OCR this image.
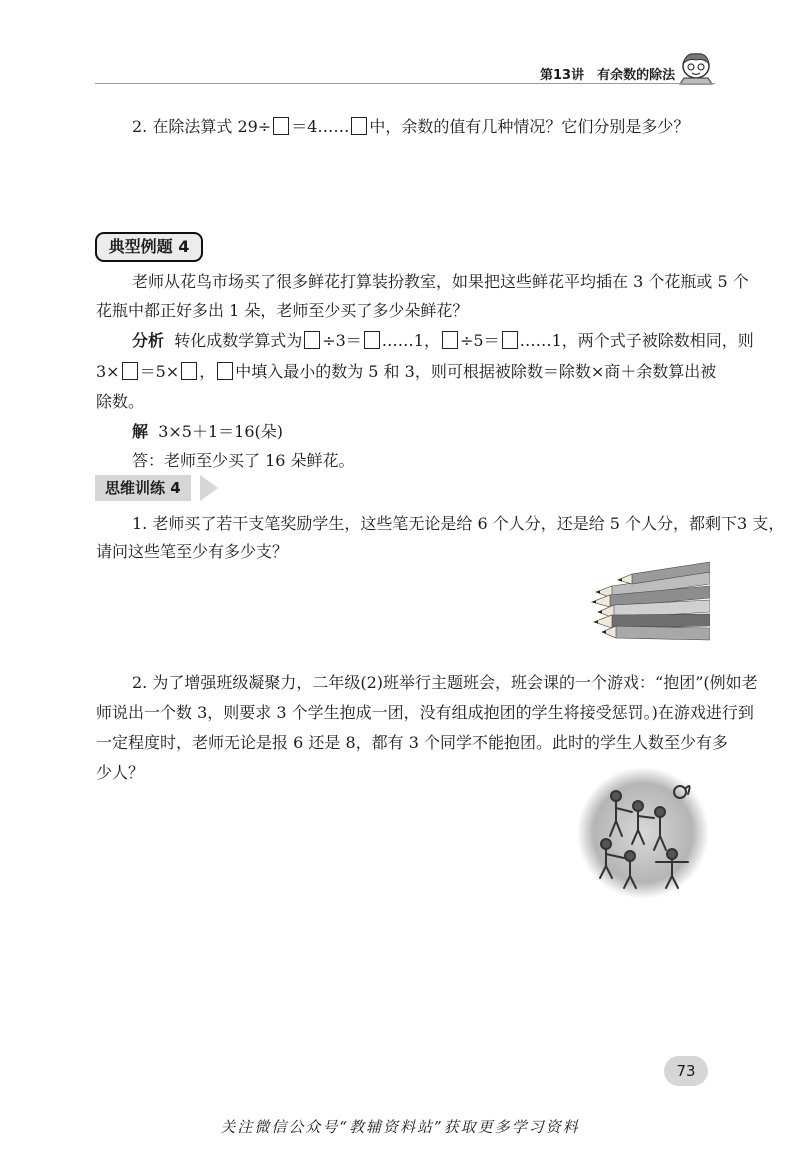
第13讲　有余数的除法
2. 在除法算式 29÷ ＝4…… 中，余数的值有几种情况？它们分别是多少？
典型例题 4
老师从花鸟市场买了很多鲜花打算装扮教室，如果把这些鲜花平均插在 3 个花瓶或 5 个
花瓶中都正好多出 1 朵，老师至少买了多少朵鲜花？
分析 转化成数学算式为 ÷3＝ ……1， ÷5＝ ……1，两个式子被除数相同，则
3× ＝5× ， 中填入最小的数为 5 和 3，则可根据被除数＝除数×商＋余数算出被
除数。
解 3×5＋1＝16(朵)
答：老师至少买了 16 朵鲜花。
思维训练 4
1. 老师买了若干支笔奖励学生，这些笔无论是给 6 个人分，还是给 5 个人分，都剩下3 支，
请问这些笔至少有多少支？
2. 为了增强班级凝聚力，二年级(2)班举行主题班会，班会课的一个游戏：“抱团”(例如老
师说出一个数 3，则要求 3 个学生抱成一团，没有组成抱团的学生将接受惩罚。)在游戏进行到
一定程度时，老师无论是报 6 还是 8，都有 3 个同学不能抱团。此时的学生人数至少有多
少人？
73
关注微信公众号“教辅资料站”获取更多学习资料
